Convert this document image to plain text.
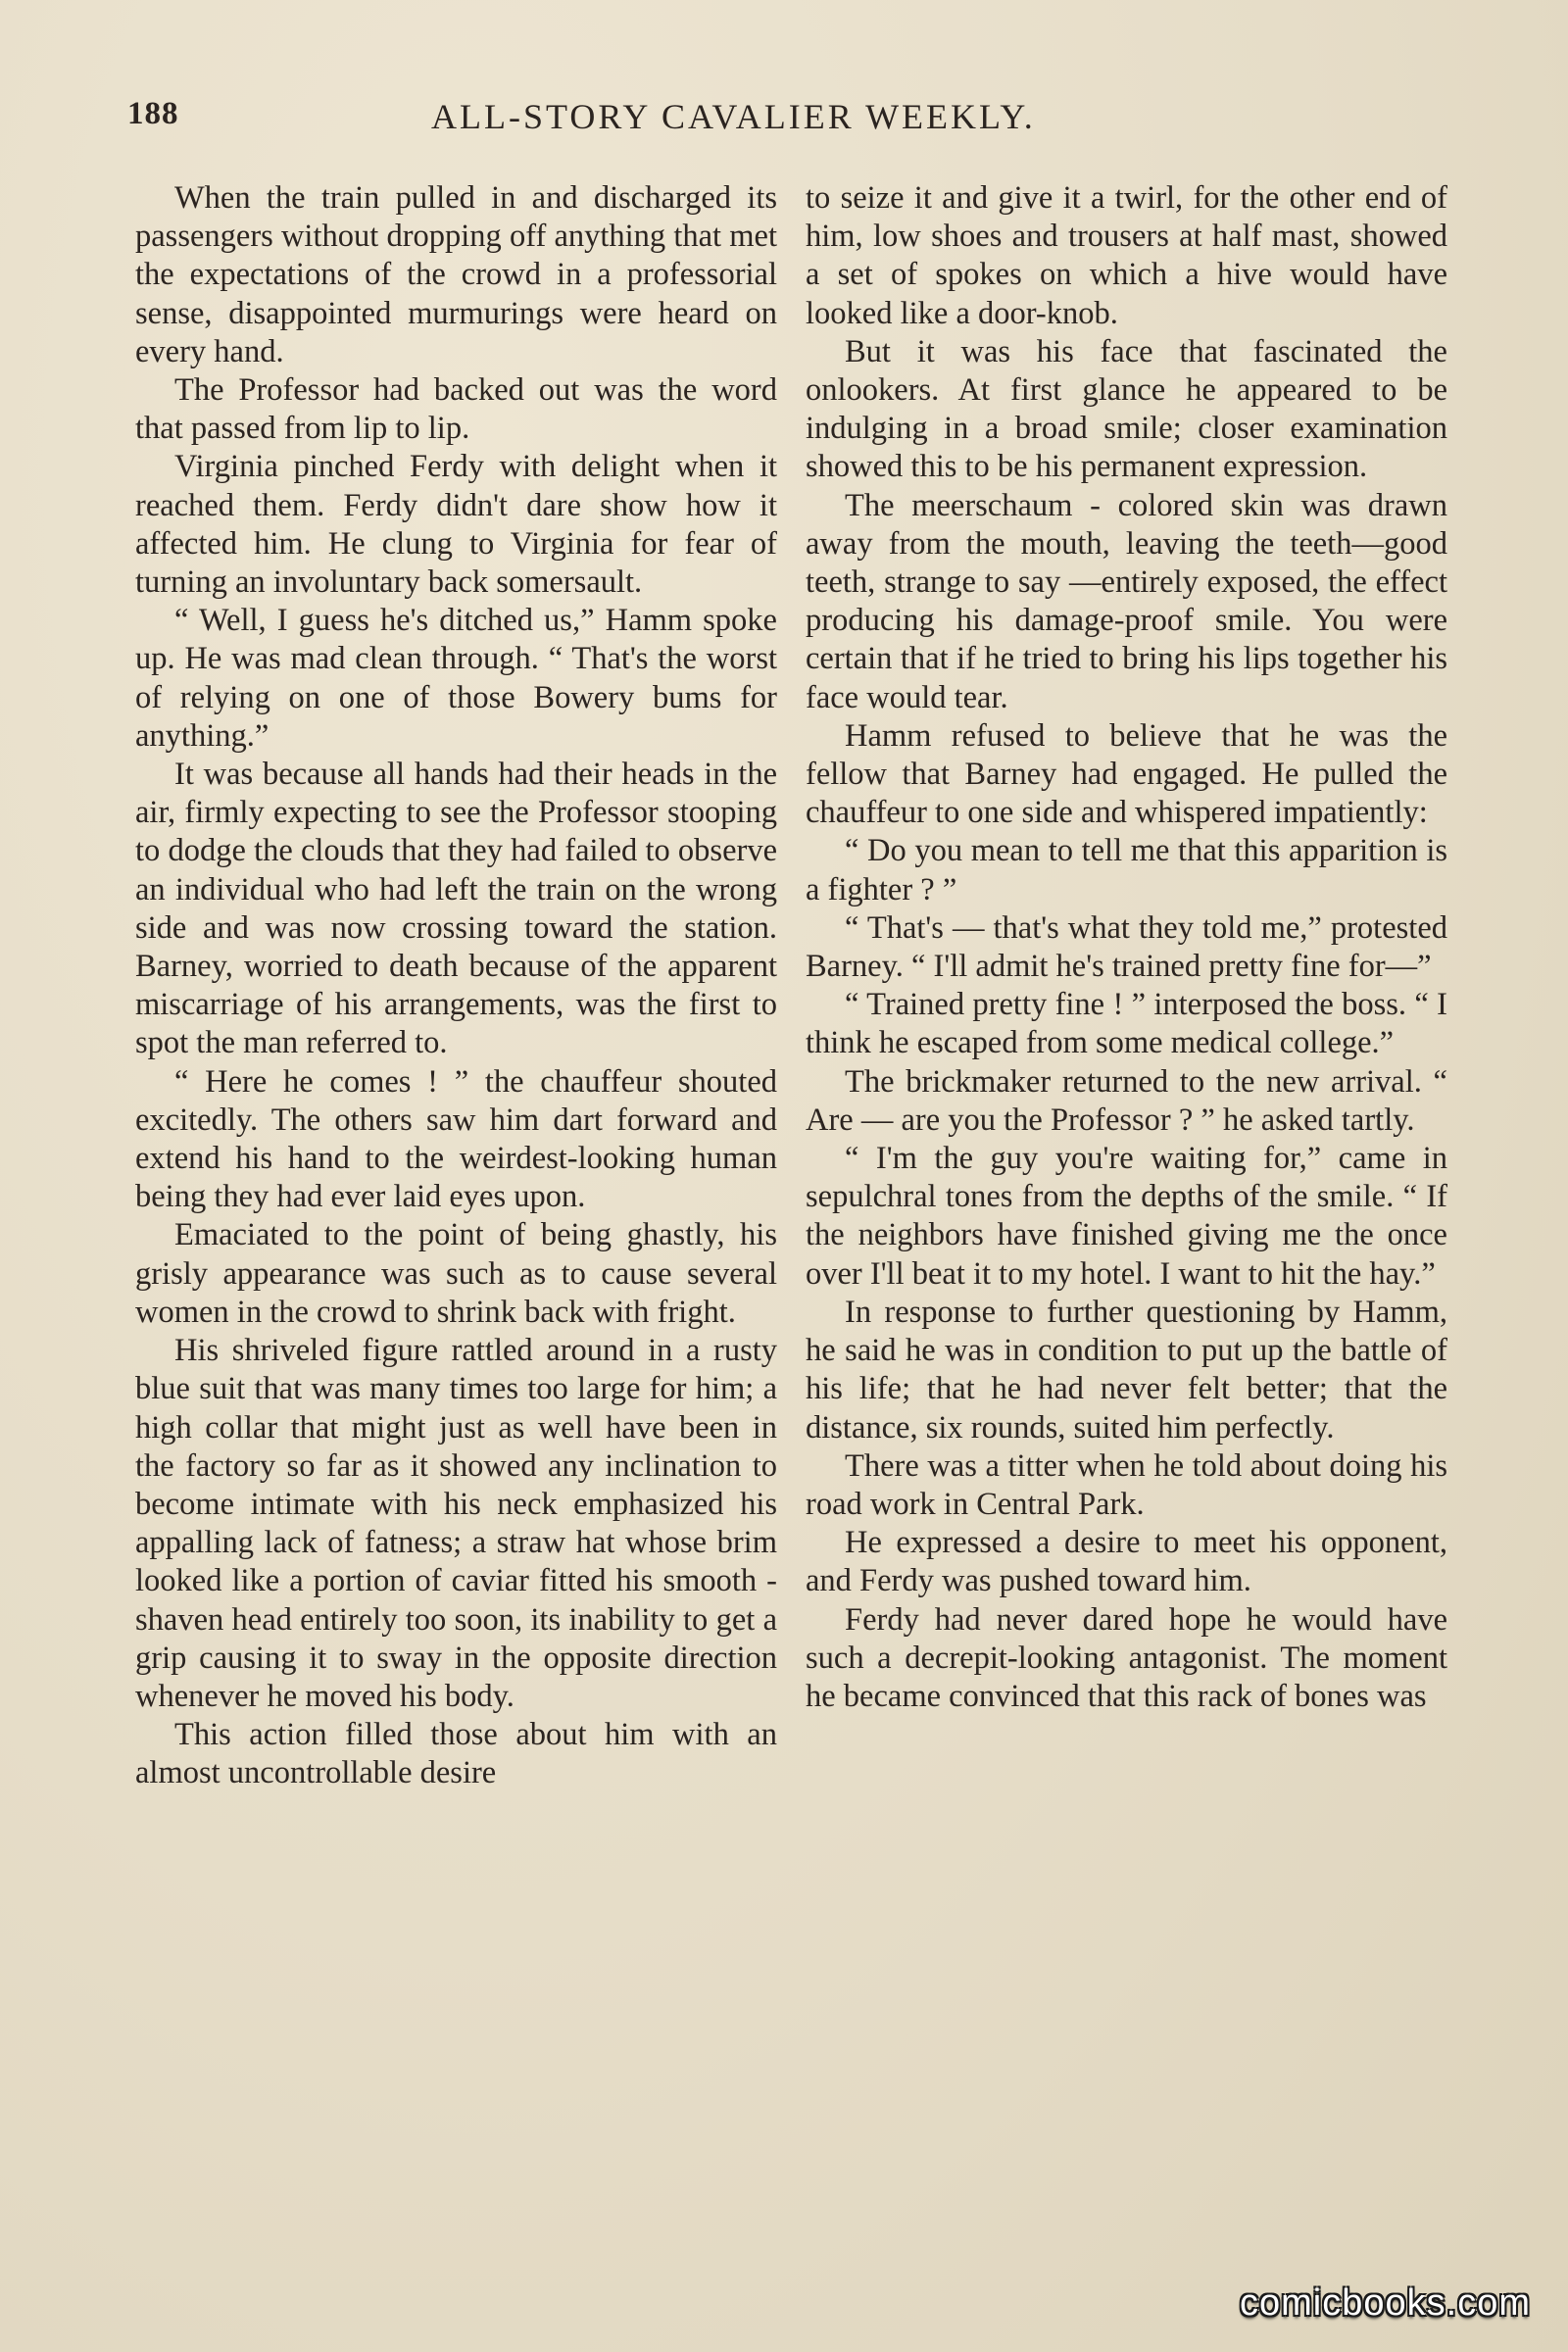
188	ALL-STORY CAVALIER WEEKLY.

When the train pulled in and discharged its passengers without dropping off anything that met the expectations of the crowd in a professorial sense, disappointed murmurings were heard on every hand.

The Professor had backed out was the word that passed from lip to lip.

Virginia pinched Ferdy with delight when it reached them. Ferdy didn't dare show how it affected him. He clung to Virginia for fear of turning an involuntary back somersault.

“ Well, I guess he's ditched us,” Hamm spoke up. He was mad clean through. “ That's the worst of relying on one of those Bowery bums for anything.”

It was because all hands had their heads in the air, firmly expecting to see the Professor stooping to dodge the clouds that they had failed to observe an individual who had left the train on the wrong side and was now crossing toward the station. Barney, worried to death because of the apparent miscarriage of his arrangements, was the first to spot the man referred to.

“ Here he comes ! ” the chauffeur shouted excitedly. The others saw him dart forward and extend his hand to the weirdest-looking human being they had ever laid eyes upon.

Emaciated to the point of being ghastly, his grisly appearance was such as to cause several women in the crowd to shrink back with fright.

His shriveled figure rattled around in a rusty blue suit that was many times too large for him; a high collar that might just as well have been in the factory so far as it showed any inclination to become intimate with his neck emphasized his appalling lack of fatness; a straw hat whose brim looked like a portion of caviar fitted his smooth - shaven head entirely too soon, its inability to get a grip causing it to sway in the opposite direction whenever he moved his body.

This action filled those about him with an almost uncontrollable desire

to seize it and give it a twirl, for the other end of him, low shoes and trousers at half mast, showed a set of spokes on which a hive would have looked like a door-knob.

But it was his face that fascinated the onlookers. At first glance he appeared to be indulging in a broad smile; closer examination showed this to be his permanent expression.

The meerschaum - colored skin was drawn away from the mouth, leaving the teeth—good teeth, strange to say —entirely exposed, the effect producing his damage-proof smile. You were certain that if he tried to bring his lips together his face would tear.

Hamm refused to believe that he was the fellow that Barney had engaged. He pulled the chauffeur to one side and whispered impatiently:

“ Do you mean to tell me that this apparition is a fighter ? ”

“ That's — that's what they told me,” protested Barney. “ I'll admit he's trained pretty fine for—”

“ Trained pretty fine ! ” interposed the boss. “ I think he escaped from some medical college.”

The brickmaker returned to the new arrival. “ Are — are you the Professor ? ” he asked tartly.

“ I'm the guy you're waiting for,” came in sepulchral tones from the depths of the smile. “ If the neighbors have finished giving me the once over I'll beat it to my hotel. I want to hit the hay.”

In response to further questioning by Hamm, he said he was in condition to put up the battle of his life; that he had never felt better; that the distance, six rounds, suited him perfectly.

There was a titter when he told about doing his road work in Central Park.

He expressed a desire to meet his opponent, and Ferdy was pushed toward him.

Ferdy had never dared hope he would have such a decrepit-looking antagonist. The moment he became convinced that this rack of bones was

comicbooks.com
